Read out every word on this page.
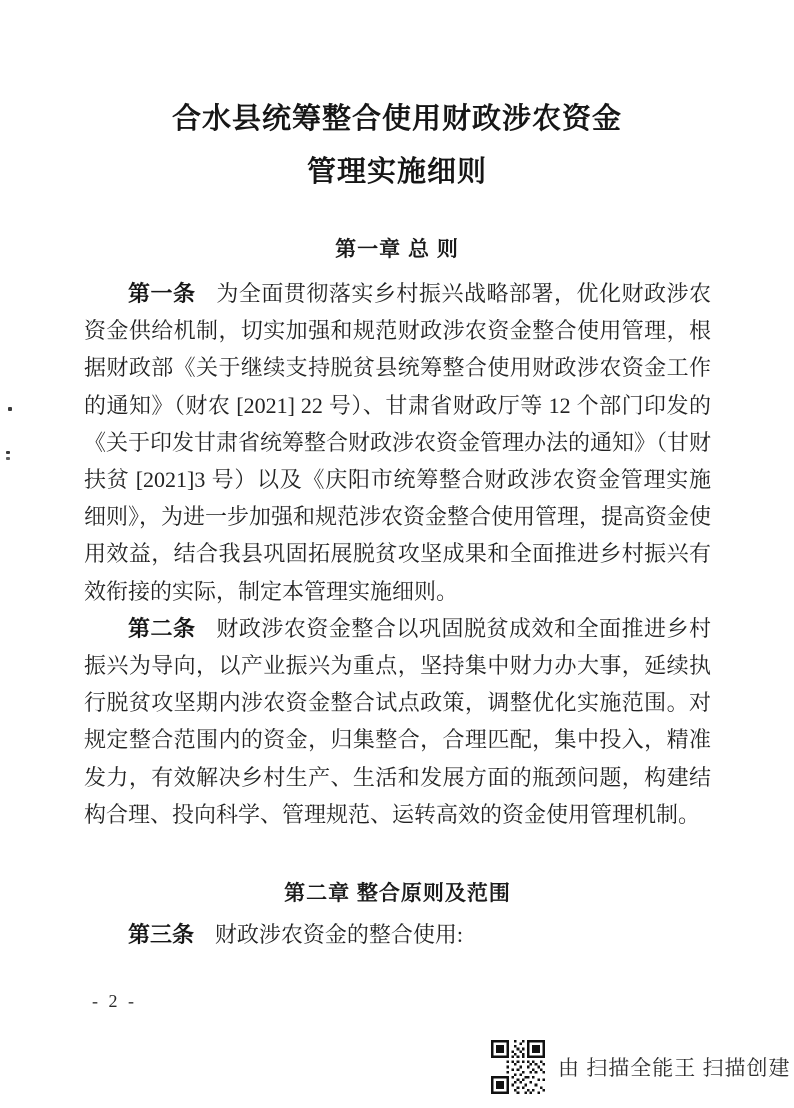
合水县统筹整合使用财政涉农资金
管理实施细则
第一章 总 则

第一条 为全面贯彻落实乡村振兴战略部署，优化财政涉农资金供给机制，切实加强和规范财政涉农资金整合使用管理，根据财政部《关于继续支持脱贫县统筹整合使用财政涉农资金工作的通知》（财农 [2021] 22 号）、甘肃省财政厅等 12 个部门印发的《关于印发甘肃省统筹整合财政涉农资金管理办法的通知》（甘财扶贫 [2021]3 号）以及《庆阳市统筹整合财政涉农资金管理实施细则》，为进一步加强和规范涉农资金整合使用管理，提高资金使用效益，结合我县巩固拓展脱贫攻坚成果和全面推进乡村振兴有效衔接的实际，制定本管理实施细则。

第二条 财政涉农资金整合以巩固脱贫成效和全面推进乡村振兴为导向，以产业振兴为重点，坚持集中财力办大事，延续执行脱贫攻坚期内涉农资金整合试点政策，调整优化实施范围。对规定整合范围内的资金，归集整合，合理匹配，集中投入，精准发力，有效解决乡村生产、生活和发展方面的瓶颈问题，构建结构合理、投向科学、管理规范、运转高效的资金使用管理机制。

第二章 整合原则及范围

第三条 财政涉农资金的整合使用:

- 2 -
由 扫描全能王 扫描创建
